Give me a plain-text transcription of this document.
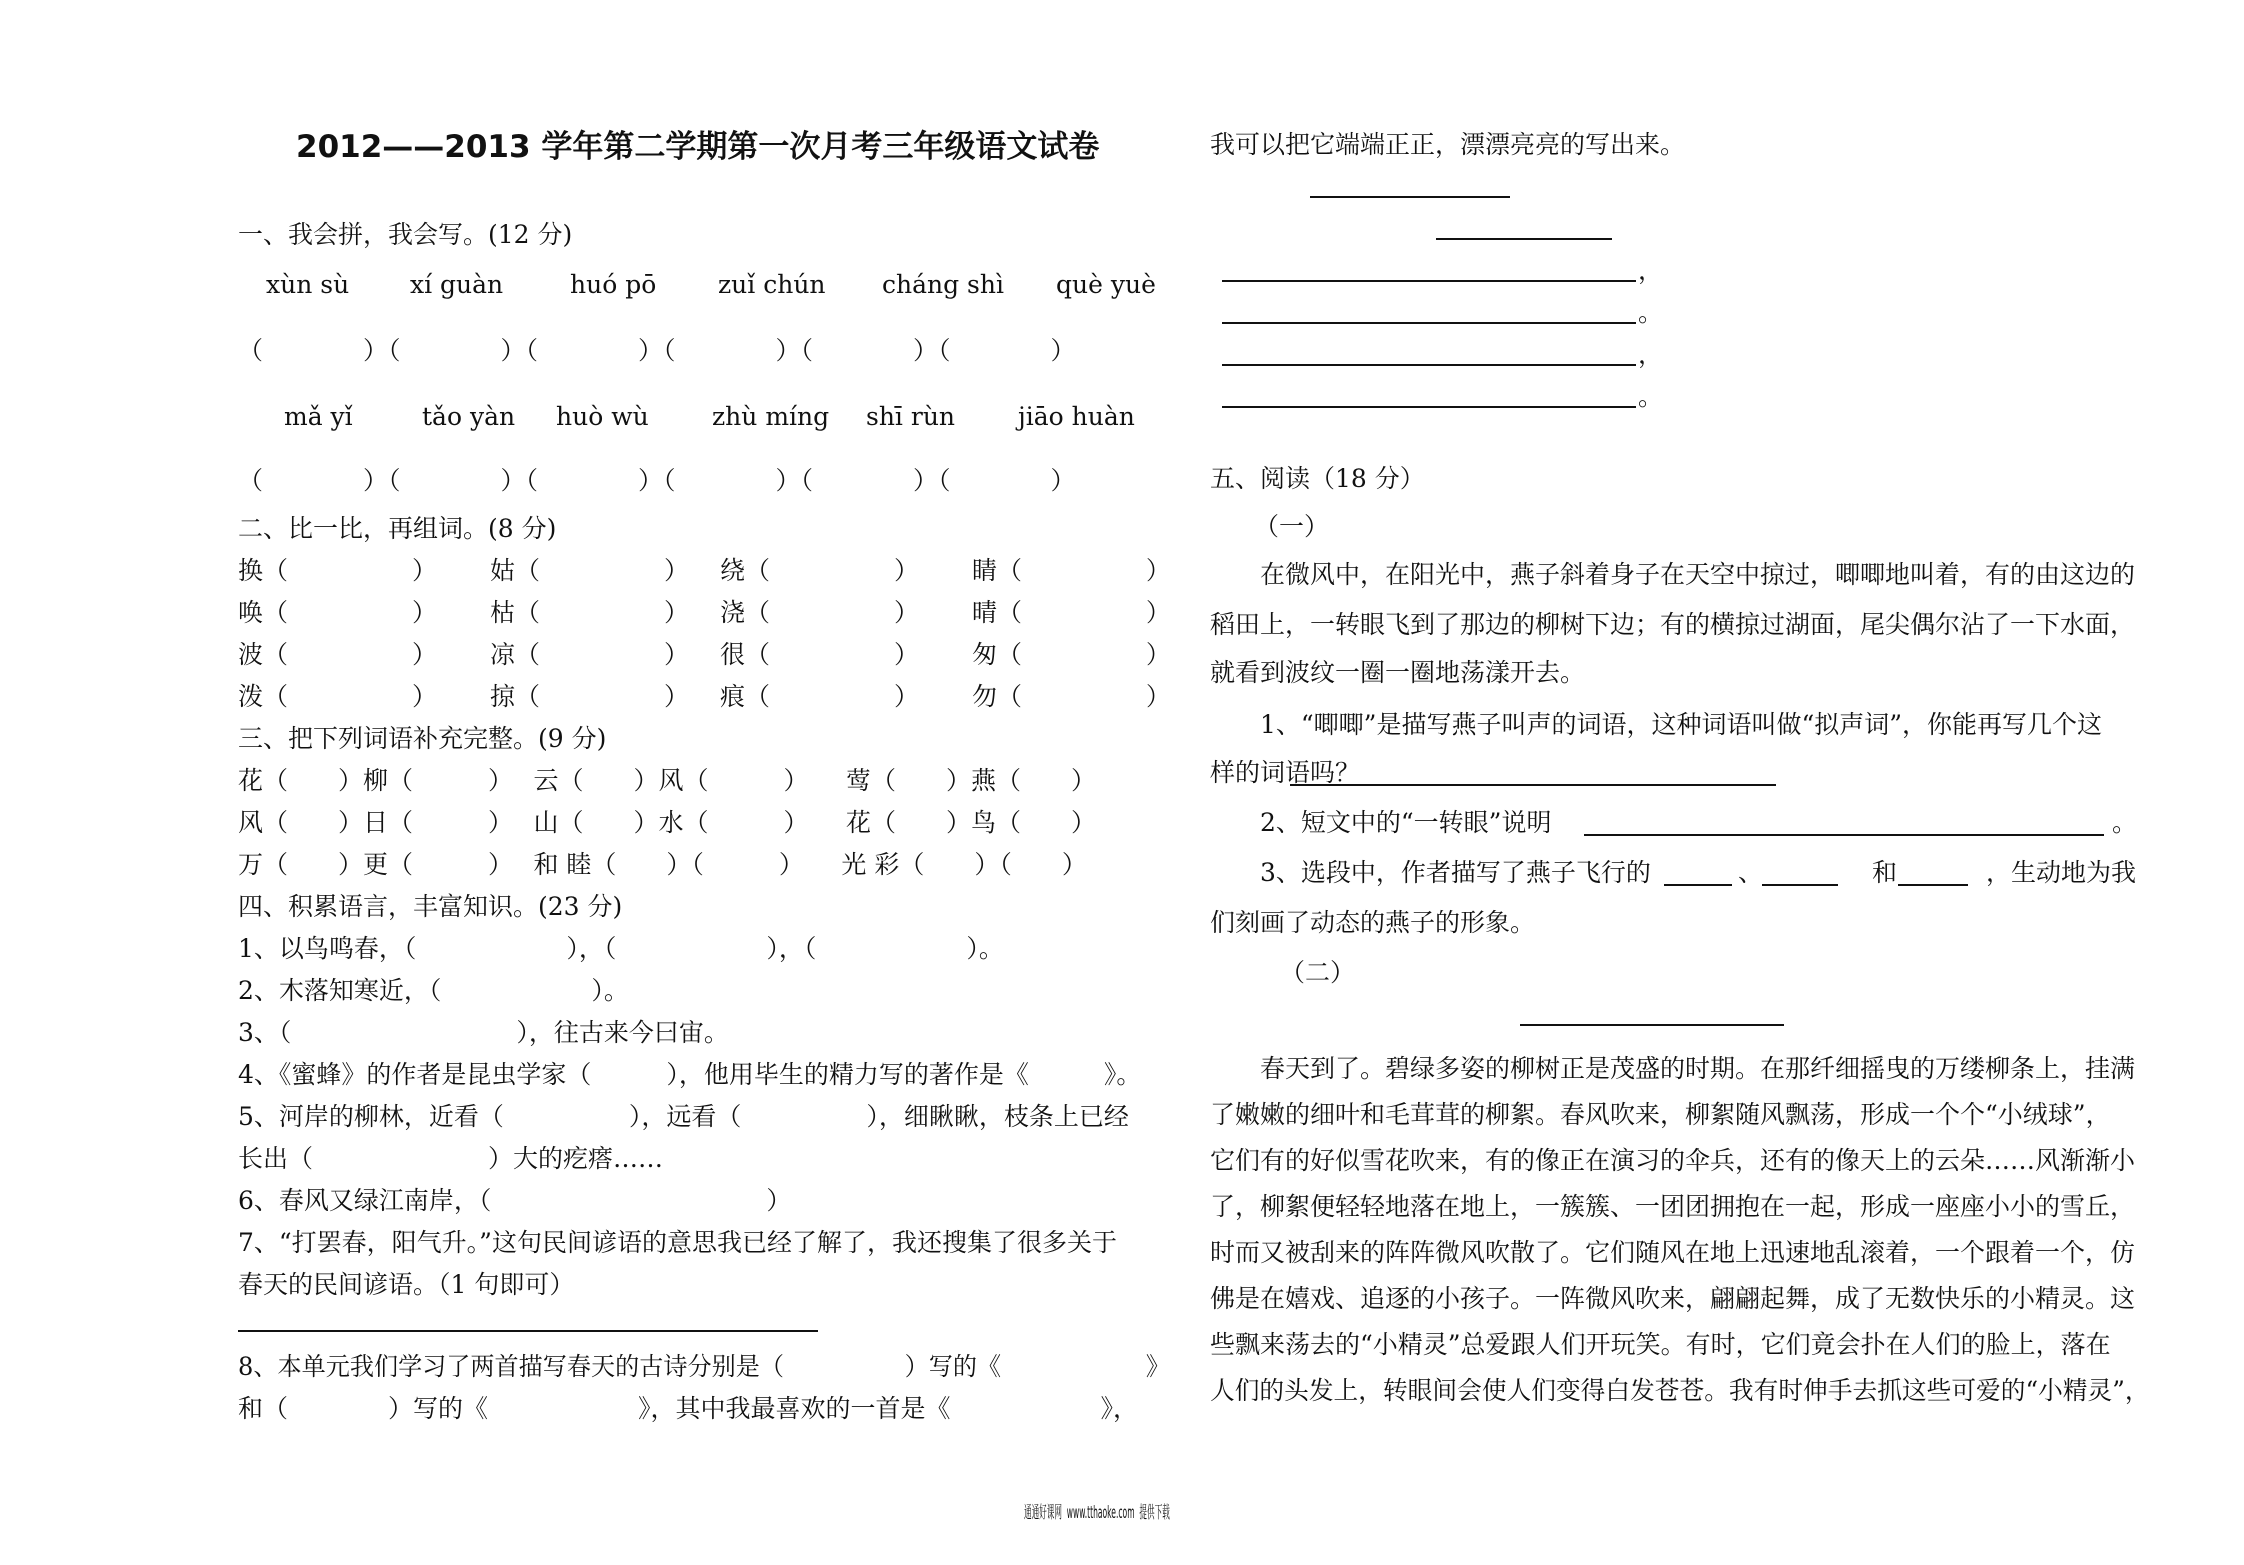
2012——2013 学年第二学期第一次月考三年级语文试卷
一、我会拼，我会写。(12 分)
xùn sù xí guàn	huó pō zuǐ chún cháng shì què yuè
（　　　　）（　　　　）（　　　　）（　　　　）（　　　　）（　　　　）
mǎ yǐ	tǎo yàn huò wù	zhù míng shī rùn	jiāo huàn
（　　　　）（　　　　）（　　　　）（　　　　）（　　　　）（　　　　）
二、比一比，再组词。(8 分)
换（	） 姑（	） 绕（	） 睛（	）
唤（	） 枯（	） 浇（	） 晴（	）
波（	） 凉（	） 很（	） 匆（	）
泼（	） 掠（	） 痕（	） 勿（	）
三、把下列词语补充完整。(9 分)
花（　　）柳（　　　）　 云（　　）风（　　　）　　莺（　　）燕（　　）
风（　　）日（　　　）　 山（　　）水（　　　）　　花（　　）鸟（　　）
万（　　）更（　　　）　 和 睦（　　）（　　　）　　光 彩（　　）（　　）
四、积累语言，丰富知识。(23 分)
1、以鸟鸣春，（　　　　　　），（　　　　　　），（　　　　　　）。
2、木落知寒近，（　　　　　　）。
3、（　　　　　　　　　），往古来今曰宙。
4、《蜜蜂》的作者是昆虫学家（　　　），他用毕生的精力写的著作是《　　　》。
5、河岸的柳林，近看（　　　　　），远看（　　　　　），细瞅瞅，枝条上已经
长出（　　　　　　　）大的疙瘩……
6、春风又绿江南岸，（　　　　　　　　　　　）
7、“打罢春，阳气升。”这句民间谚语的意思我已经了解了，我还搜集了很多关于
春天的民间谚语。（1 句即可）
8、本单元我们学习了两首描写春天的古诗分别是（　　　　　）写的《　　　　　　》
和（　　　　）写的《　　　　　　》，其中我最喜欢的一首是《　　　　　　》，
我可以把它端端正正，漂漂亮亮的写出来。
，
。
，
。
五、阅读（18 分）
（一）
在微风中，在阳光中，燕子斜着身子在天空中掠过，唧唧地叫着，有的由这边的
稻田上，一转眼飞到了那边的柳树下边；有的横掠过湖面，尾尖偶尔沾了一下水面，
就看到波纹一圈一圈地荡漾开去。
1、“唧唧”是描写燕子叫声的词语，这种词语叫做“拟声词”，你能再写几个这
样的词语吗？
2、短文中的“一转眼”说明	。
3、选段中，作者描写了燕子飞行的	、	和	，生动地为我
们刻画了动态的燕子的形象。
（二）
春天到了。碧绿多姿的柳树正是茂盛的时期。在那纤细摇曳的万缕柳条上，挂满
了嫩嫩的细叶和毛茸茸的柳絮。春风吹来，柳絮随风飘荡，形成一个个“小绒球”，
它们有的好似雪花吹来，有的像正在演习的伞兵，还有的像天上的云朵……风渐渐小
了，柳絮便轻轻地落在地上，一簇簇、一团团拥抱在一起，形成一座座小小的雪丘，
时而又被刮来的阵阵微风吹散了。它们随风在地上迅速地乱滚着，一个跟着一个，仿
佛是在嬉戏、追逐的小孩子。一阵微风吹来，翩翩起舞，成了无数快乐的小精灵。这
些飘来荡去的“小精灵”总爱跟人们开玩笑。有时，它们竟会扑在人们的脸上，落在
人们的头发上，转眼间会使人们变得白发苍苍。我有时伸手去抓这些可爱的“小精灵”，
通通好课网  www.tthaoke.com  提供下载
